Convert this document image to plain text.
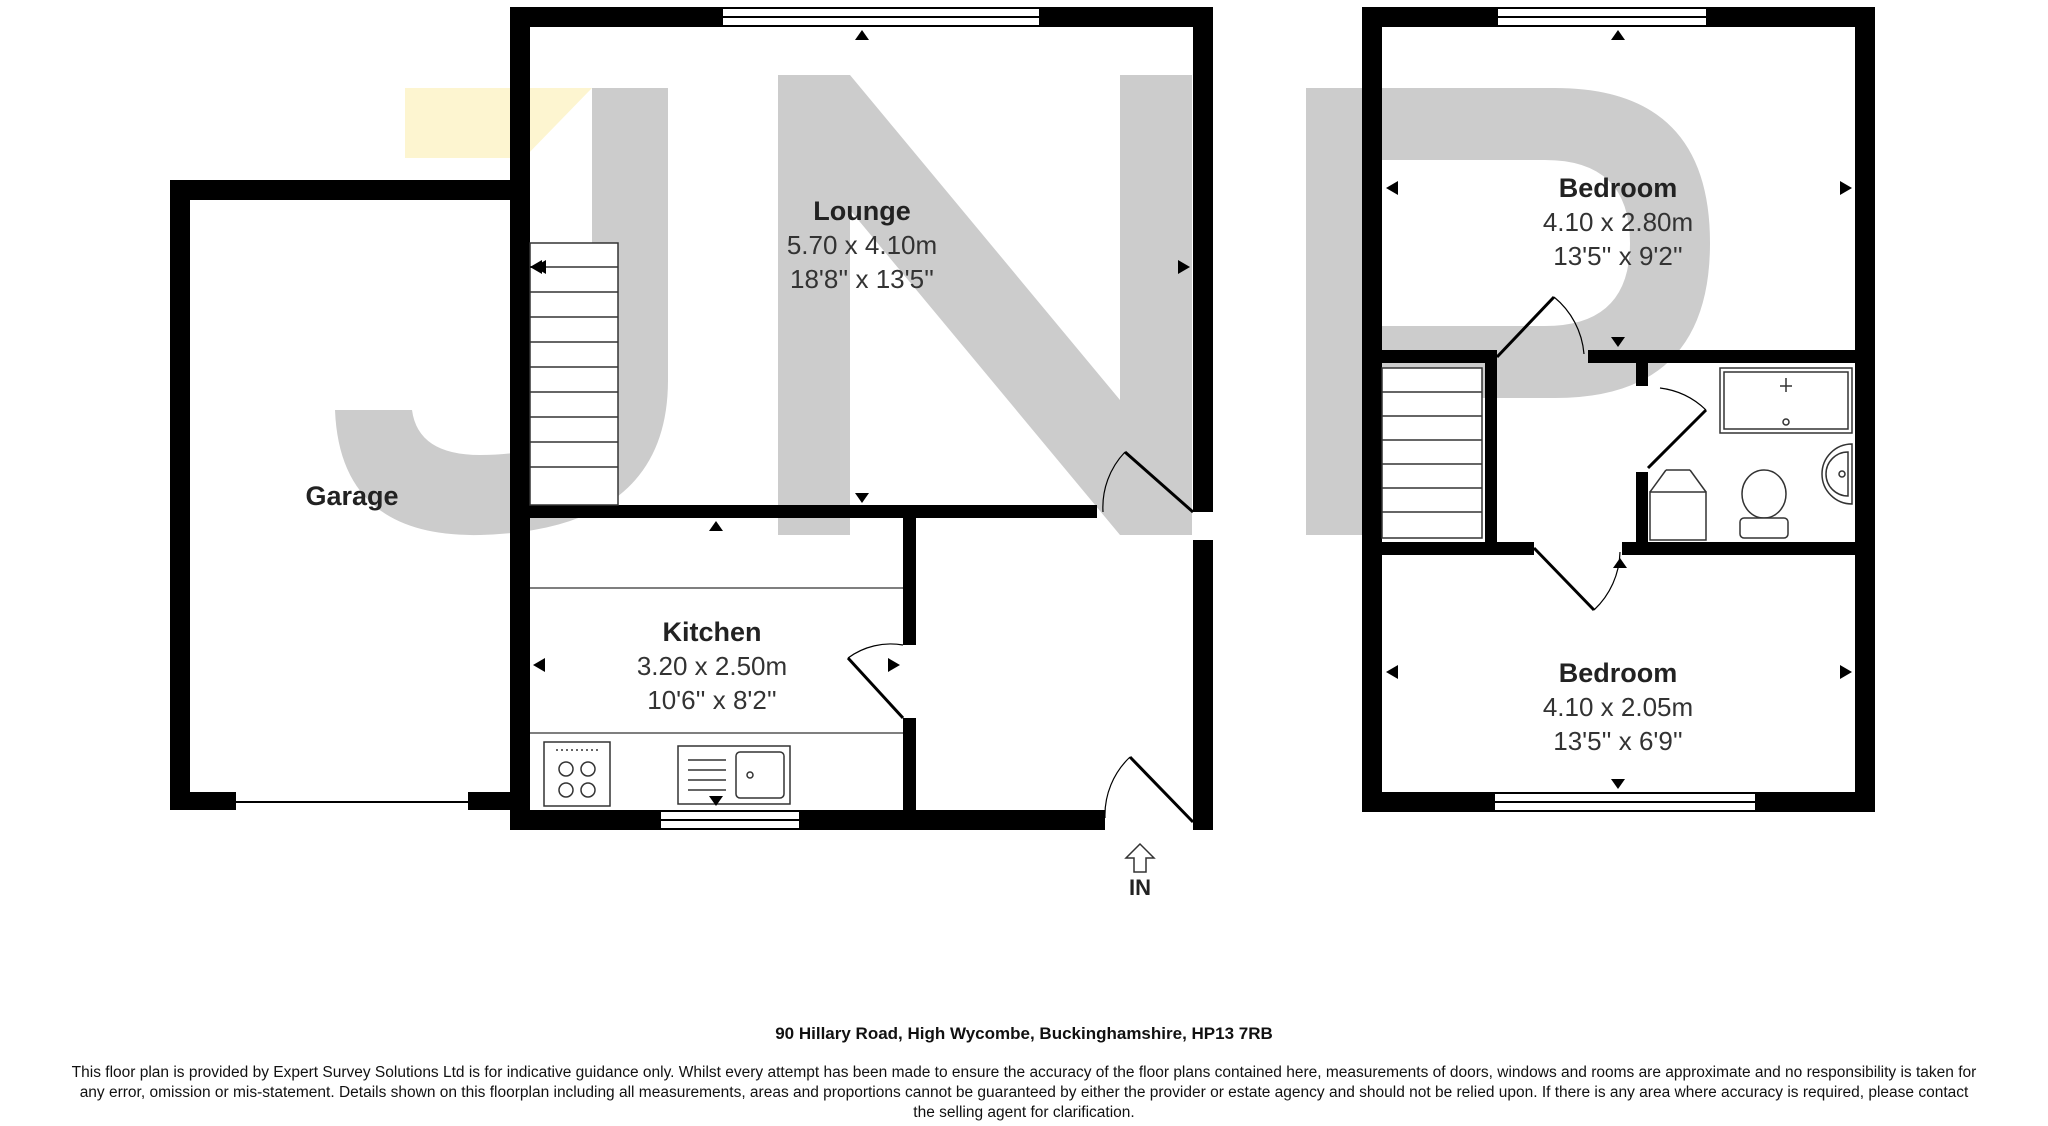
IN
Lounge
5.70 x 4.10m
18'8'' x 13'5''
Kitchen
3.20 x 2.50m
10'6'' x 8'2''
Garage
Bedroom
4.10 x 2.80m
13'5'' x 9'2''
Bedroom
4.10 x 2.05m
13'5'' x 6'9''
90 Hillary Road, High Wycombe, Buckinghamshire, HP13 7RB
This floor plan is provided by Expert Survey Solutions Ltd is for indicative guidance only. Whilst every attempt has been made to ensure the accuracy of the floor plans contained here, measurements of doors, windows and rooms are approximate and no responsibility is taken for
any error, omission or mis-statement. Details shown on this floorplan including all measurements, areas and proportions cannot be guaranteed by either the provider or estate agency and should not be relied upon. If there is any area where accuracy is required, please contact
the selling agent for clarification.
